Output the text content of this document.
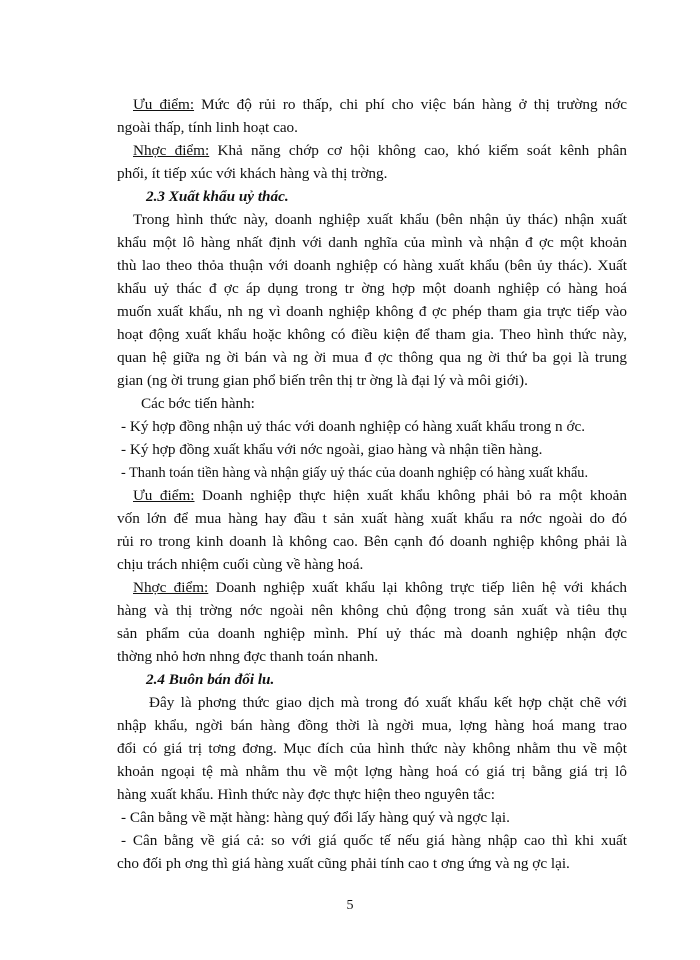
Ưu điểm: Mức độ rủi ro thấp, chi phí cho việc bán hàng ở thị trường nớc
ngoài thấp, tính linh hoạt cao.
Nhợc điểm: Khả năng chớp cơ hội không cao, khó kiểm soát kênh phân
phối, ít tiếp xúc với khách hàng và thị trờng.
2.3 Xuất khẩu uỷ thác.
Trong hình thức này, doanh nghiệp xuất khẩu (bên nhận ủy thác) nhận xuất
khẩu một lô hàng nhất định với danh nghĩa của mình và nhận đ ợc một khoản
thù lao theo thỏa thuận với doanh nghiệp có hàng xuất khẩu (bên ủy thác). Xuất
khẩu uỷ thác đ ợc áp dụng trong tr ờng hợp một doanh nghiệp có hàng hoá
muốn xuất khẩu, nh ng vì doanh nghiệp không đ ợc phép tham gia trực tiếp vào
hoạt động xuất khẩu hoặc không có điều kiện để tham gia. Theo hình thức này,
quan hệ giữa ng ời bán và ng ời mua đ ợc thông qua ng ời thứ ba gọi là trung
gian (ng ời trung gian phổ biến trên thị tr ờng là đại lý và môi giới).
Các bớc tiến hành:
- Ký hợp đồng nhận uỷ thác với doanh nghiệp có hàng xuất khẩu trong n ớc.
- Ký hợp đồng xuất khẩu với nớc ngoài, giao hàng và nhận tiền hàng.
- Thanh toán tiền hàng và nhận giấy uỷ thác của doanh nghiệp có hàng xuất khẩu.
Ưu điểm: Doanh nghiệp thực hiện xuất khẩu không phải bỏ ra một khoản
vốn lớn để mua hàng hay đầu t sản xuất hàng xuất khẩu ra nớc ngoài do đó
rủi ro trong kinh doanh là không cao. Bên cạnh đó doanh nghiệp không phải là
chịu trách nhiệm cuối cùng về hàng hoá.
Nhợc điểm: Doanh nghiệp xuất khẩu lại không trực tiếp liên hệ với khách
hàng và thị trờng nớc ngoài nên không chủ động trong sản xuất và tiêu thụ
sản phẩm của doanh nghiệp mình. Phí uỷ thác mà doanh nghiệp nhận đợc
thờng nhỏ hơn nhng đợc thanh toán nhanh.
2.4 Buôn bán đối lu.
Đây là phơng thức giao dịch mà trong đó xuất khẩu kết hợp chặt chẽ với
nhập khẩu, ngời bán hàng đồng thời là ngời mua, lợng hàng hoá mang trao
đổi có giá trị tơng đơng. Mục đích của hình thức này không nhằm thu về một
khoản ngoại tệ mà nhằm thu về một lợng hàng hoá có giá trị bằng giá trị lô
hàng xuất khẩu. Hình thức này đợc thực hiện theo nguyên tắc:
- Cân bằng về mặt hàng: hàng quý đổi lấy hàng quý và ngợc lại.
- Cân bằng về giá cả: so với giá quốc tế nếu giá hàng nhập cao thì khi xuất
cho đối ph ơng thì giá hàng xuất cũng phải tính cao t ơng ứng và ng ợc lại.
5
